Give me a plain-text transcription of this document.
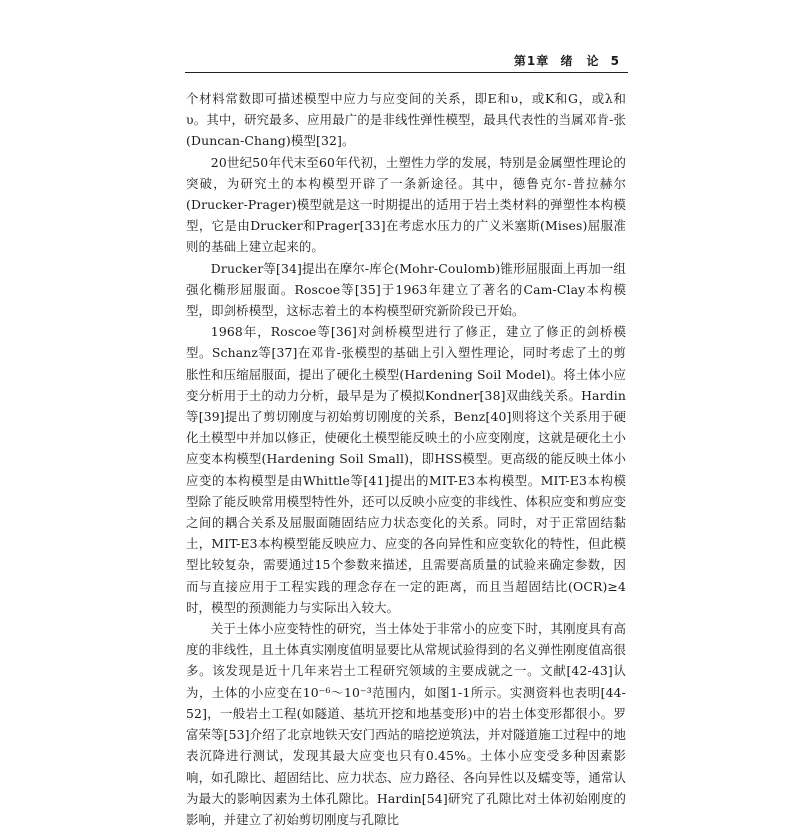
第1章 绪　论 5

个材料常数即可描述模型中应力与应变间的关系，即E和υ，或K和G，或λ和υ。其中，研究最多、应用最广的是非线性弹性模型，最具代表性的当属邓肯-张(Duncan-Chang)模型[32]。

20世纪50年代末至60年代初，土塑性力学的发展，特别是金属塑性理论的突破，为研究土的本构模型开辟了一条新途径。其中，德鲁克尔-普拉赫尔(Drucker-Prager)模型就是这一时期提出的适用于岩土类材料的弹塑性本构模型，它是由Drucker和Prager[33]在考虑水压力的广义米塞斯(Mises)屈服准则的基础上建立起来的。

Drucker等[34]提出在摩尔-库仑(Mohr-Coulomb)锥形屈服面上再加一组强化椭形屈服面。Roscoe等[35]于1963年建立了著名的Cam-Clay本构模型，即剑桥模型，这标志着土的本构模型研究新阶段已开始。

1968年，Roscoe等[36]对剑桥模型进行了修正，建立了修正的剑桥模型。Schanz等[37]在邓肯-张模型的基础上引入塑性理论，同时考虑了土的剪胀性和压缩屈服面，提出了硬化土模型(Hardening Soil Model)。将土体小应变分析用于土的动力分析，最早是为了模拟Kondner[38]双曲线关系。Hardin等[39]提出了剪切刚度与初始剪切刚度的关系，Benz[40]则将这个关系用于硬化土模型中并加以修正，使硬化土模型能反映土的小应变刚度，这就是硬化土小应变本构模型(Hardening Soil Small)，即HSS模型。更高级的能反映土体小应变的本构模型是由Whittle等[41]提出的MIT-E3本构模型。MIT-E3本构模型除了能反映常用模型特性外，还可以反映小应变的非线性、体积应变和剪应变之间的耦合关系及屈服面随固结应力状态变化的关系。同时，对于正常固结黏土，MIT-E3本构模型能反映应力、应变的各向异性和应变软化的特性，但此模型比较复杂，需要通过15个参数来描述，且需要高质量的试验来确定参数，因而与直接应用于工程实践的理念存在一定的距离，而且当超固结比(OCR)≥4时，模型的预测能力与实际出入较大。

关于土体小应变特性的研究，当土体处于非常小的应变下时，其刚度具有高度的非线性，且土体真实刚度值明显要比从常规试验得到的名义弹性刚度值高很多。该发现是近十几年来岩土工程研究领域的主要成就之一。文献[42-43]认为，土体的小应变在10⁻⁶～10⁻³范围内，如图1-1所示。实测资料也表明[44-52]，一般岩土工程(如隧道、基坑开挖和地基变形)中的岩土体变形都很小。罗富荣等[53]介绍了北京地铁天安门西站的暗挖逆筑法，并对隧道施工过程中的地表沉降进行测试，发现其最大应变也只有0.45%。土体小应变受多种因素影响，如孔隙比、超固结比、应力状态、应力路径、各向异性以及蠕变等，通常认为最大的影响因素为土体孔隙比。Hardin[54]研究了孔隙比对土体初始刚度的影响，并建立了初始剪切刚度与孔隙比
